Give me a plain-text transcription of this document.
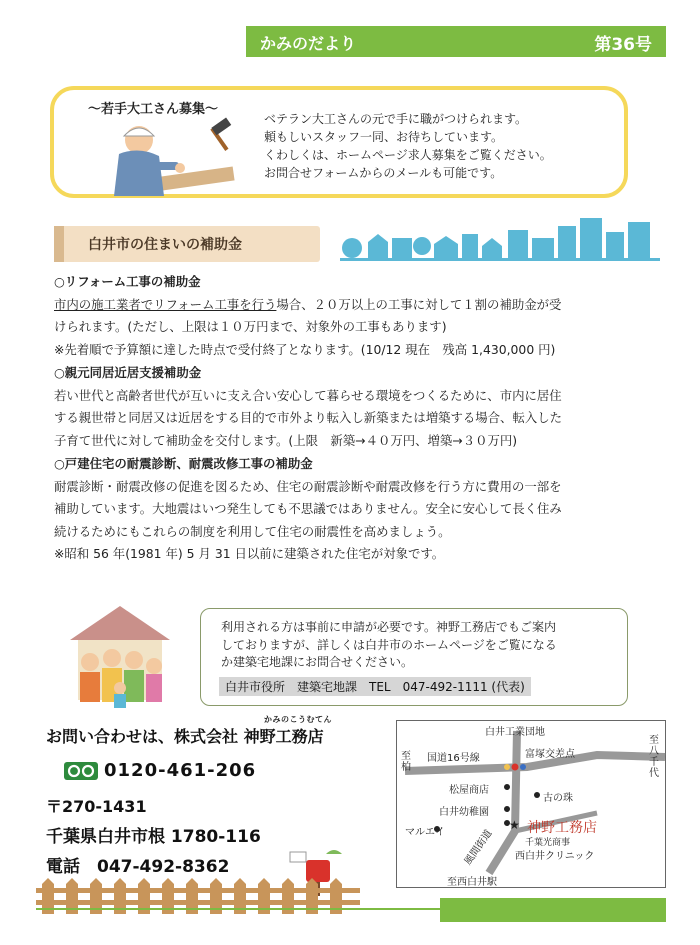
かみのだより	第36号
～若手大工さん募集～

ベテラン大工さんの元で手に職がつけられます。

頼もしいスタッフ一同、お待ちしています。

くわしくは、ホームページ求人募集をご覧ください。

お問合せフォームからのメールも可能です。

白井市の住まいの補助金

○リフォーム工事の補助金

市内の施工業者でリフォーム工事を行う場合、２０万以上の工事に対して１割の補助金が受

けられます。(ただし、上限は１０万円まで、対象外の工事もあります)

※先着順で予算額に達した時点で受付終了となります。(10/12 現在　残高 1,430,000 円)

○親元同居近居支援補助金

若い世代と高齢者世代が互いに支え合い安心して暮らせる環境をつくるために、市内に居住

する親世帯と同居又は近居をする目的で市外より転入し新築または増築する場合、転入した

子育て世代に対して補助金を交付します。(上限　新築→４０万円、増築→３０万円)

○戸建住宅の耐震診断、耐震改修工事の補助金

耐震診断・耐震改修の促進を図るため、住宅の耐震診断や耐震改修を行う方に費用の一部を

補助しています。大地震はいつ発生しても不思議ではありません。安全に安心して長く住み

続けるためにもこれらの制度を利用して住宅の耐震性を高めましょう。

※昭和 56 年(1981 年) 5 月 31 日以前に建築された住宅が対象です。

利用される方は事前に申請が必要です。神野工務店でもご案内

しておりますが、詳しくは白井市のホームページをご覧になる

か建築宅地課にお問合せください。

白井市役所　建築宅地課　TEL　047-492-1111 (代表)
かみのこうむてん
お問い合わせは、株式会社 神野工務店
0120-461-206
〒270-1431
千葉県白井市根 1780-116
電話　047-492-8362
★
白井工業団地
国道16号線	富塚交差点
至柏
至八千代
松屋商店
古の珠
白井幼稚園
マルエイ	風間街道
神野工務店
千葉光商事
西白井クリニック
至西白井駅
